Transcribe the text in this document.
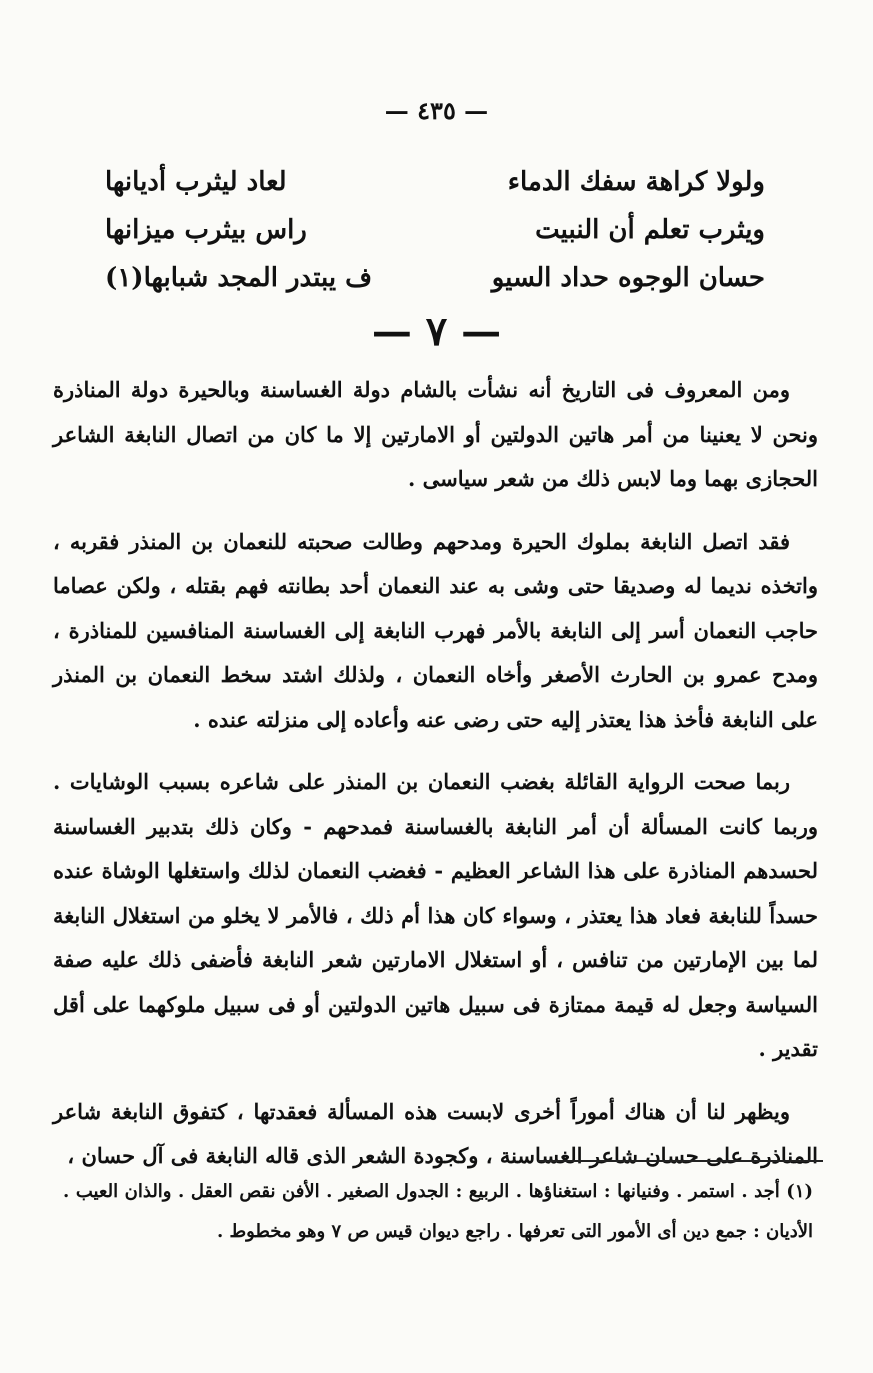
— ٤٣٥ —
ولولا كراهة سفك الدماء
لعاد ليثرب أديانها
ويثرب تعلم أن النبيت
راس بيثرب ميزانها
حسان الوجوه حداد السيو
ف يبتدر المجد شبابها(١)
— ٧ —

ومن المعروف فى التاريخ أنه نشأت بالشام دولة الغساسنة وبالحيرة دولة المناذرة ونحن لا يعنينا من أمر هاتين الدولتين أو الامارتين إلا ما كان من اتصال النابغة الشاعر الحجازى بهما وما لابس ذلك من شعر سياسى .

فقد اتصل النابغة بملوك الحيرة ومدحهم وطالت صحبته للنعمان بن المنذر فقربه ، واتخذه نديما له وصديقا حتى وشى به عند النعمان أحد بطانته فهم بقتله ، ولكن عصاما حاجب النعمان أسر إلى النابغة بالأمر فهرب النابغة إلى الغساسنة المنافسين للمناذرة ، ومدح عمرو بن الحارث الأصغر وأخاه النعمان ، ولذلك اشتد سخط النعمان بن المنذر على النابغة فأخذ هذا يعتذر إليه حتى رضى عنه وأعاده إلى منزلته عنده .

ربما صحت الرواية القائلة بغضب النعمان بن المنذر على شاعره بسبب الوشايات . وربما كانت المسألة أن أمر النابغة بالغساسنة فمدحهم - وكان ذلك بتدبير الغساسنة لحسدهم المناذرة على هذا الشاعر العظيم - فغضب النعمان لذلك واستغلها الوشاة عنده حسداً للنابغة فعاد هذا يعتذر ، وسواء كان هذا أم ذلك ، فالأمر لا يخلو من استغلال النابغة لما بين الإمارتين من تنافس ، أو استغلال الامارتين شعر النابغة فأضفى ذلك عليه صفة السياسة وجعل له قيمة ممتازة فى سبيل هاتين الدولتين أو فى سبيل ملوكهما على أقل تقدير .

ويظهر لنا أن هناك أموراً أخرى لابست هذه المسألة فعقدتها ، كتفوق النابغة شاعر المناذرة على حسان شاعر الغساسنة ، وكجودة الشعر الذى قاله النابغة فى آل حسان ،

(١) أجد . استمر . وفنيانها : استغناؤها . الربيع : الجدول الصغير . الأفن نقص العقل . والذان العيب . الأديان : جمع دين أى الأمور التى تعرفها . راجع ديوان قيس ص ٧ وهو مخطوط .
